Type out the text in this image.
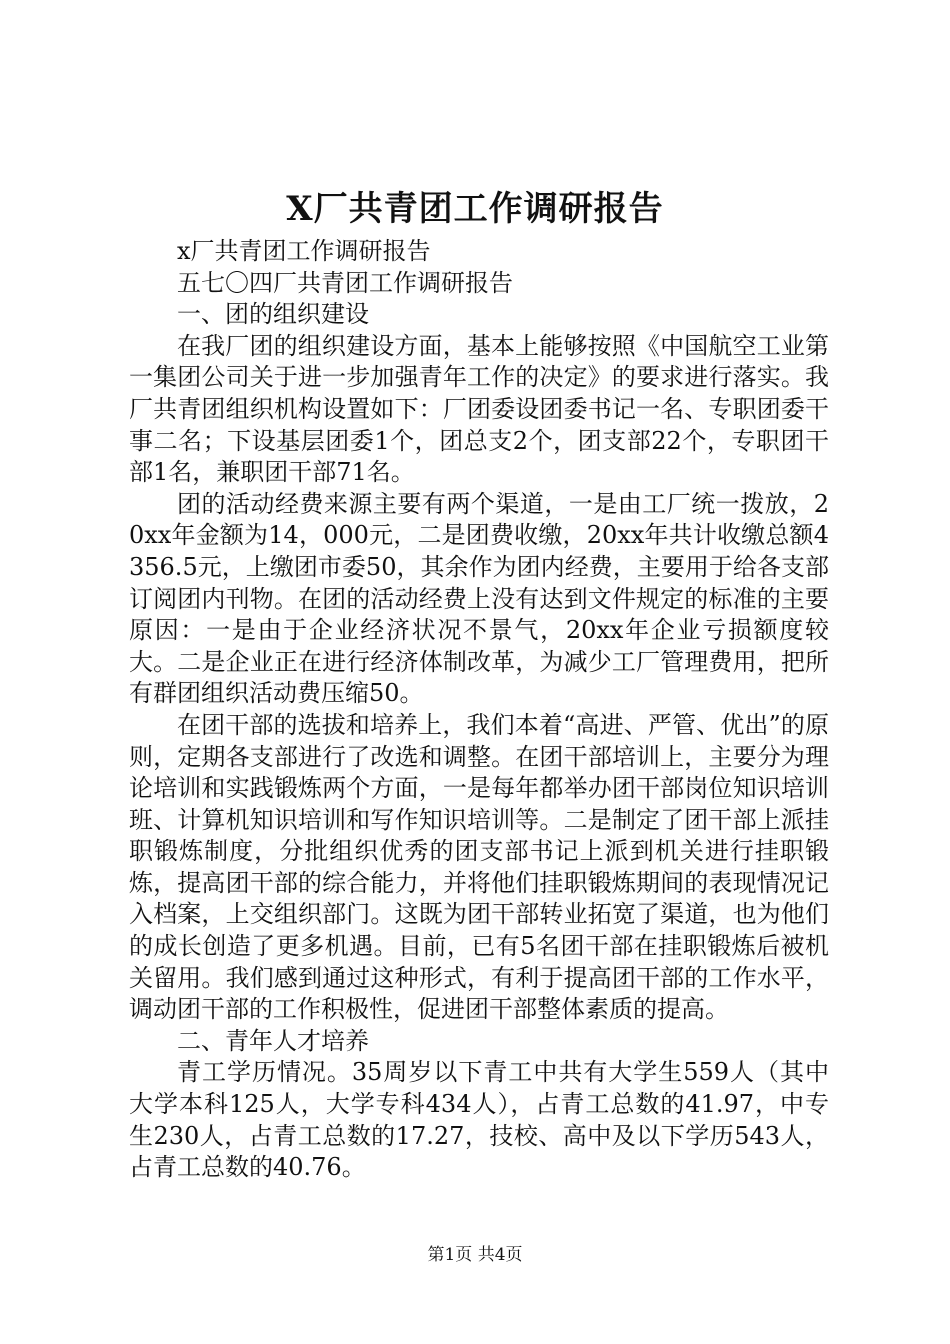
X厂共青团工作调研报告

x厂共青团工作调研报告

五七〇四厂共青团工作调研报告

一、团的组织建设

在我厂团的组织建设方面，基本上能够按照《中国航空工业第一集团公司关于进一步加强青年工作的决定》的要求进行落实。我厂共青团组织机构设置如下：厂团委设团委书记一名、专职团委干事二名；下设基层团委1个，团总支2个，团支部22个，专职团干部1名，兼职团干部71名。

团的活动经费来源主要有两个渠道，一是由工厂统一拨放，20xx年金额为14，000元，二是团费收缴，20xx年共计收缴总额4356.5元，上缴团市委50，其余作为团内经费，主要用于给各支部订阅团内刊物。在团的活动经费上没有达到文件规定的标准的主要原因：一是由于企业经济状况不景气，20xx年企业亏损额度较大。二是企业正在进行经济体制改革，为减少工厂管理费用，把所有群团组织活动费压缩50。

在团干部的选拔和培养上，我们本着“高进、严管、优出”的原则，定期各支部进行了改选和调整。在团干部培训上，主要分为理论培训和实践锻炼两个方面，一是每年都举办团干部岗位知识培训班、计算机知识培训和写作知识培训等。二是制定了团干部上派挂职锻炼制度，分批组织优秀的团支部书记上派到机关进行挂职锻炼，提高团干部的综合能力，并将他们挂职锻炼期间的表现情况记入档案，上交组织部门。这既为团干部转业拓宽了渠道，也为他们的成长创造了更多机遇。目前，已有5名团干部在挂职锻炼后被机关留用。我们感到通过这种形式，有利于提高团干部的工作水平，调动团干部的工作积极性，促进团干部整体素质的提高。

二、青年人才培养

青工学历情况。35周岁以下青工中共有大学生559人（其中大学本科125人，大学专科434人），占青工总数的41.97，中专生230人，占青工总数的17.27，技校、高中及以下学历543人，占青工总数的40.76。

第1页 共4页
